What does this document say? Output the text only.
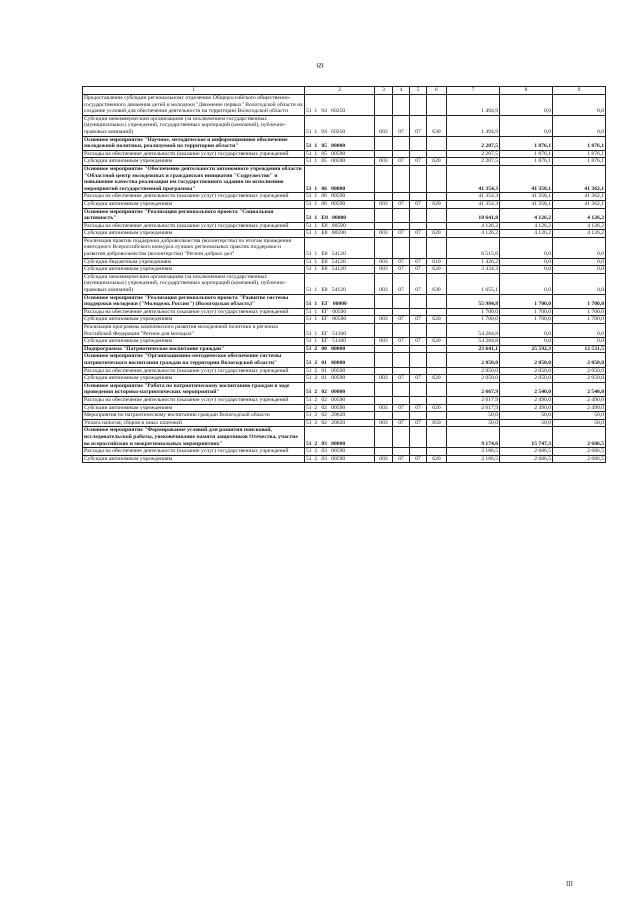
69
1	2	3	4	5	6	7	8	9
Предоставление субсидии региональному отделению Общероссийского общественно-государственного движения детей и молодежи "Движение первых" Вологодской области на создание условий для обеспечения деятельности на территории Вологодской области	51  1   04   60250					1 494,9	0,0	0,0
Субсидии некоммерческим организациям (за исключением государственных (муниципальных) учреждений, государственных корпораций (компаний), публично-правовых компаний)	51  1   04   60250	003	07	07	630	1 494,9	0,0	0,0
Основное мероприятие "Научное, методическое и информационное обеспечение молодежной политики, реализуемой на территории области"	51  1   05   00000					2 207,5	1 876,1	1 876,1
Расходы на обеспечение деятельности (оказание услуг) государственных учреждений	51  1   05   00590					2 207,5	1 876,1	1 876,1
Субсидии автономным учреждениям	51  1   05   00590	003	07	07	620	2 207,5	1 876,1	1 876,1
Основное мероприятие "Обеспечение деятельности автономного учреждения области "Областной центр молодежных и гражданских инициатив "Содружество" и повышение качества реализации им государственного задания по исполнению мероприятий государственной программы"	51  1   06   00000					41 354,3	41 358,1	41 362,1
Расходы на обеспечение деятельности (оказание услуг) государственных учреждений	51  1   06   00590					41 354,3	41 358,1	41 362,1
Субсидии автономным учреждениям	51  1   06   00590	003	07	07	620	41 354,3	41 358,1	41 362,1
Основное мероприятие "Реализация регионального проекта "Социальная активность"	51  1   Е8   00000					10 641,8	4 126,2	4 126,2
Расходы на обеспечение деятельности (оказание услуг) государственных учреждений	51  1   Е8   00590					4 126,2	4 126,2	4 126,2
Субсидии автономным учреждениям	51  1   Е8   00590	003	07	07	620	4 126,2	4 126,2	4 126,2
Реализация практик поддержки добровольчества (волонтерства) по итогам проведения ежегодного Всероссийского конкурса лучших региональных практик поддержки и развития добровольчества (волонтерства) "Регион добрых дел"	51  1   Е8   54120					6 515,6	0,0	0,0
Субсидии бюджетным учреждениям	51  1   Е8   54120	003	07	07	610	1 426,2	0,0	0,0
Субсидии автономным учреждениям	51  1   Е8   54120	003	07	07	620	3 434,3	0,0	0,0
Субсидии некоммерческим организациям (за исключением государственных (муниципальных) учреждений, государственных корпораций (компаний), публично-правовых компаний)	51  1   Е8   54120	003	07	07	630	1 655,1	0,0	0,0
Основное мероприятие "Реализация регионального проекта "Развитие системы поддержки молодежи ("Молодежь России") (Вологодская область)"	51  1   ЕГ   00000					55 984,8	1 700,0	1 700,0
Расходы на обеспечение деятельности (оказание услуг) государственных учреждений	51  1   ЕГ   00590					1 700,0	1 700,0	1 700,0
Субсидии автономным учреждениям	51  1   ЕГ   00590	003	07	07	620	1 700,0	1 700,0	1 700,0
Реализация программы комплексного развития молодежной политики в регионах Российской Федерации "Регион для молодых"	51  1   ЕГ   51160					54 284,8	0,0	0,0
Субсидии автономным учреждениям	51  1   ЕГ   51160	003	07	07	620	54 284,8	0,0	0,0
Подпрограмма "Патриотическое воспитание граждан"	51  2   00   00000					23 641,1	25 592,3	12 531,5
Основное мероприятие "Организационно-методическое обеспечение системы патриотического воспитания граждан на территории Вологодской области"	51  2   01   00000					2 050,0	2 050,0	2 050,0
Расходы на обеспечение деятельности (оказание услуг) государственных учреждений	51  2   01   00590					2 050,0	2 050,0	2 050,0
Субсидии автономным учреждениям	51  2   01   00590	003	07	07	620	2 050,0	2 050,0	2 050,0
Основное мероприятие "Работа по патриотическому воспитанию граждан в ходе проведения историко-патриотических мероприятий"	51  2   02   00000					2 667,9	2 540,0	2 540,0
Расходы на обеспечение деятельности (оказание услуг) государственных учреждений	51  2   02   00590					2 617,9	2 490,0	2 490,0
Субсидии автономным учреждениям	51  2   02   00590	003	07	07	620	2 617,9	2 490,0	2 490,0
Мероприятия по патриотическому воспитанию граждан Вологодской области	51  2   02   20620					50,0	50,0	50,0
Уплата налогов, сборов и иных платежей	51  2   02   20620	003	07	07	850	50,0	50,0	50,0
Основное мероприятие "Формирование условий для развития поисковой, исследовательской работы, увековечивание памяти защитников Отечества, участие во всероссийских и межрегиональных мероприятиях"	51  2   03   00000					9 174,6	15 747,3	2 686,5
Расходы на обеспечение деятельности (оказание услуг) государственных учреждений	51  2   03   00590					3 186,5	2 686,5	2 686,5
Субсидии автономным учреждениям	51  2   03   00590	003	07	07	620	3 186,5	2 686,5	2 686,5
III
